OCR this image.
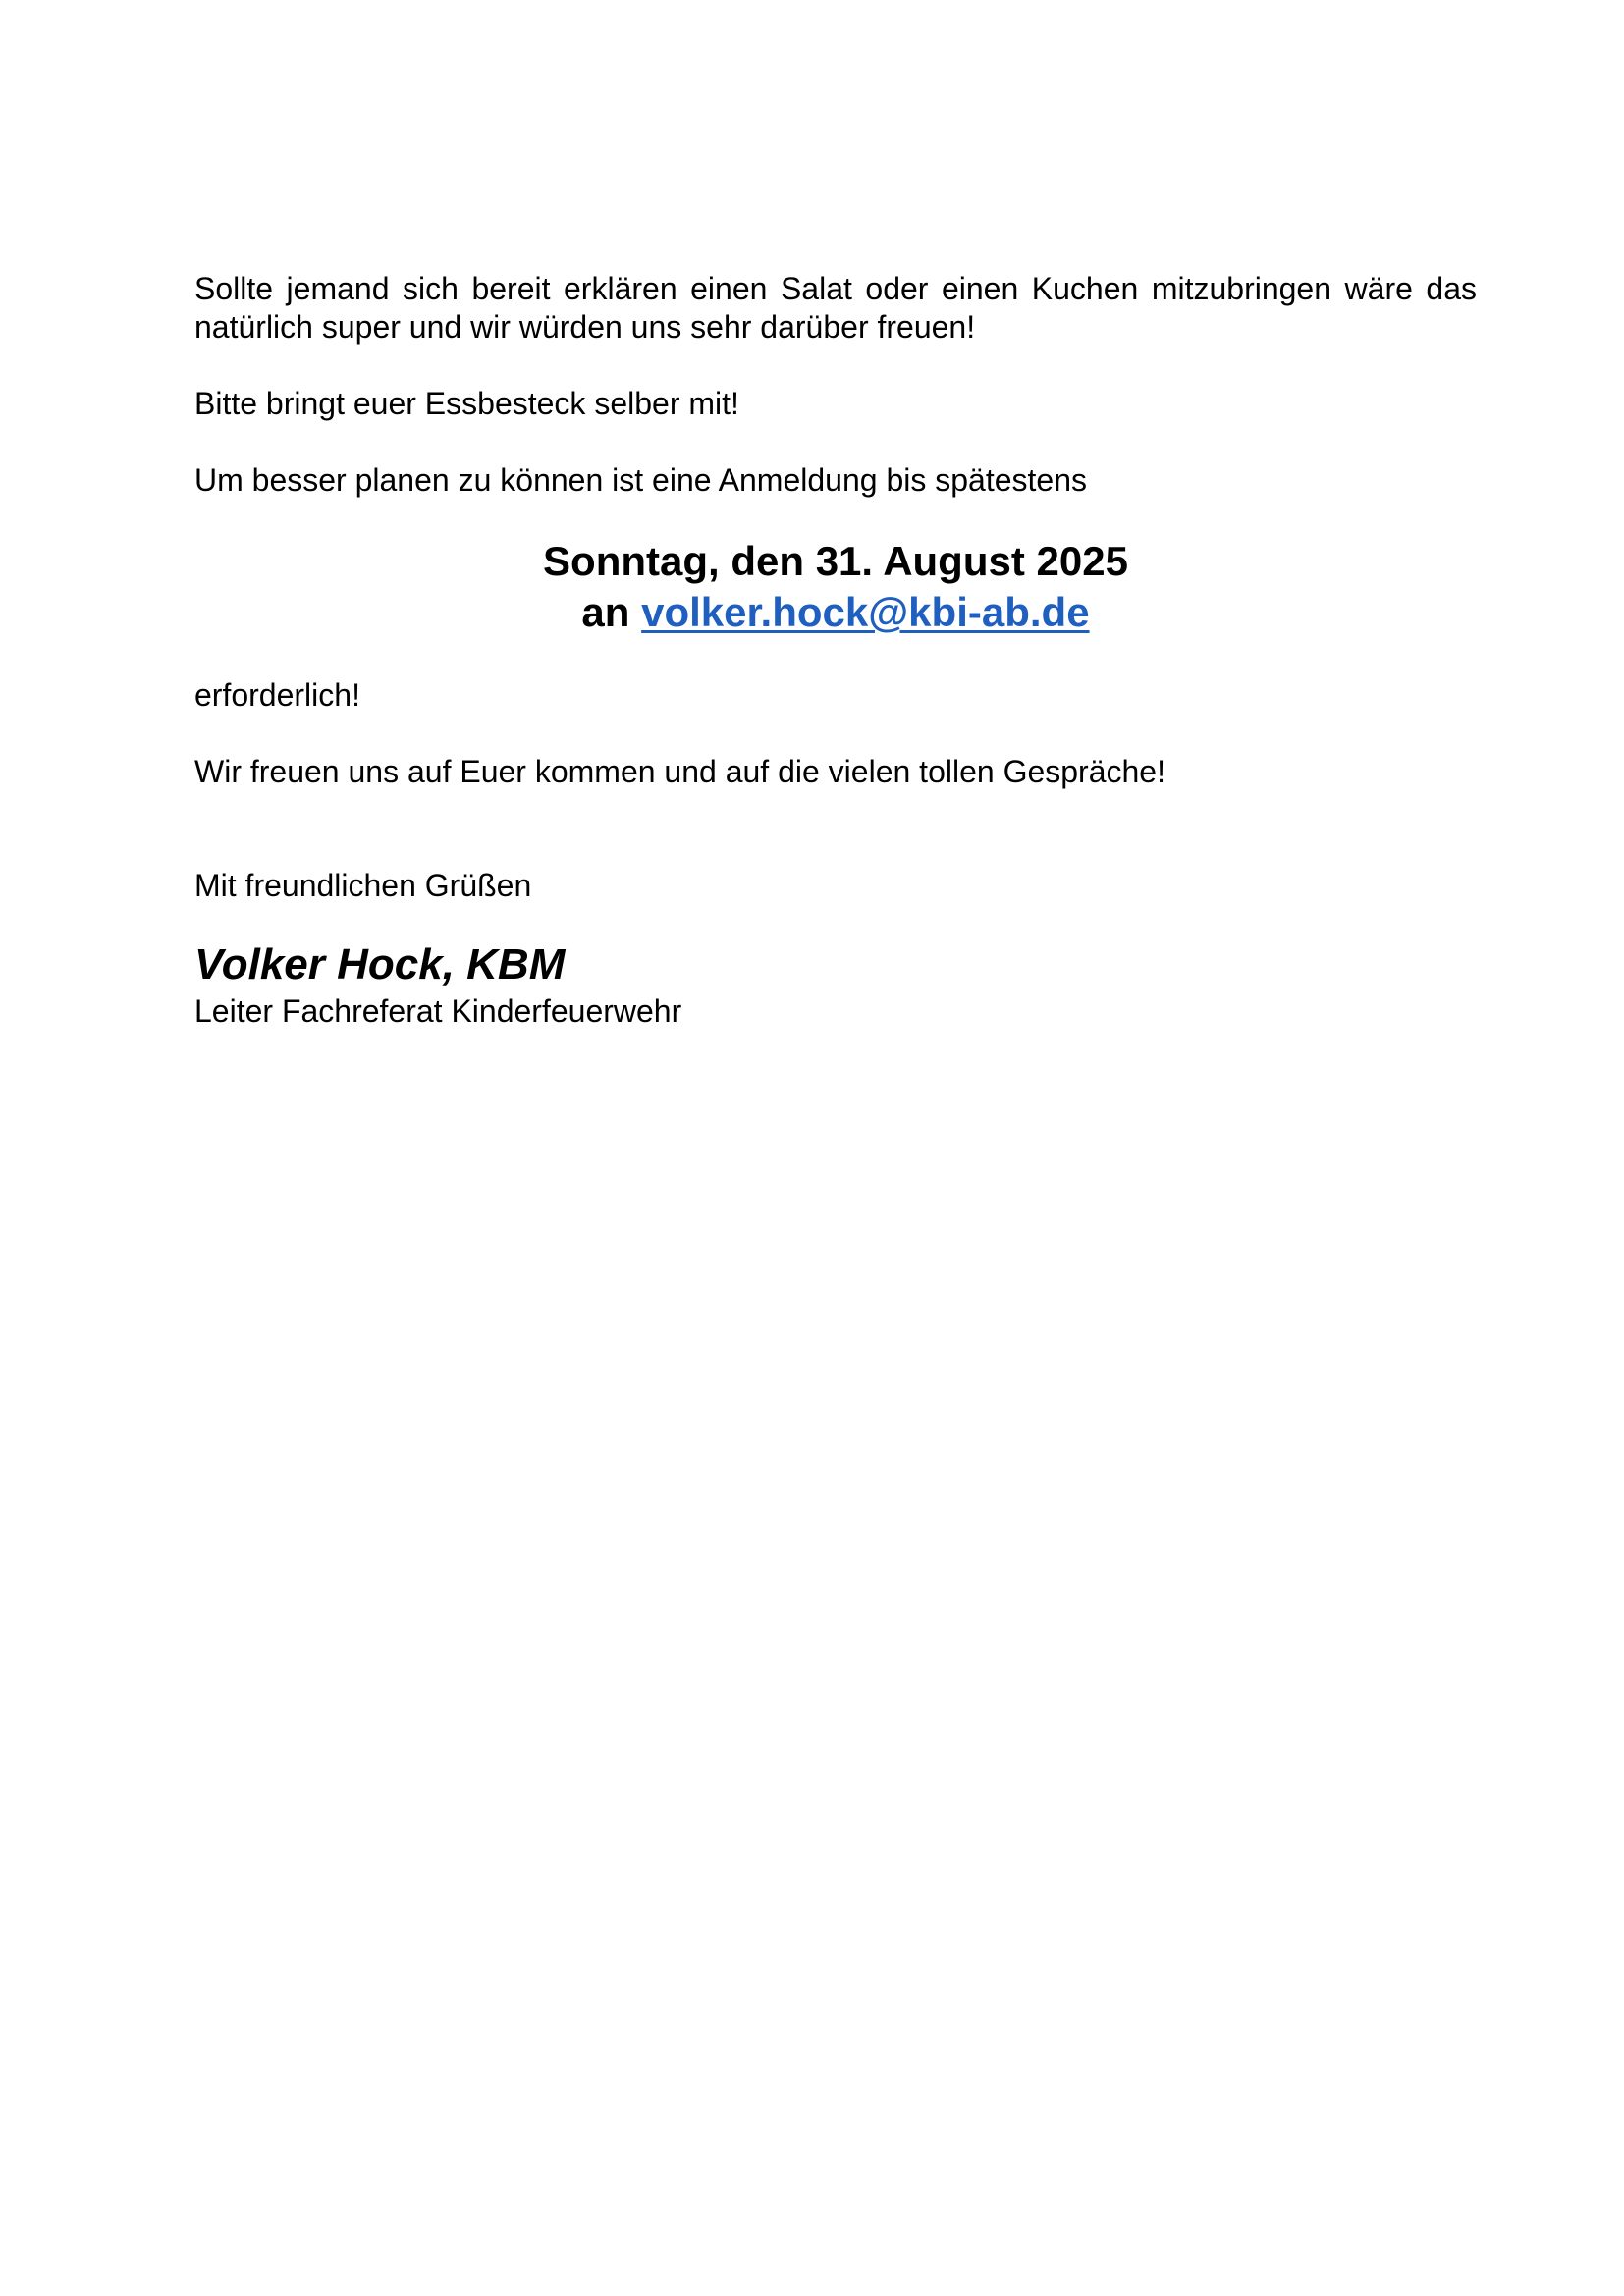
Sollte jemand sich bereit erklären einen Salat oder einen Kuchen mitzubringen wäre das natürlich super und wir würden uns sehr darüber freuen!

Bitte bringt euer Essbesteck selber mit!

Um besser planen zu können ist eine Anmeldung bis spätestens

Sonntag, den 31. August 2025
an volker.hock@kbi-ab.de

erforderlich!

Wir freuen uns auf Euer kommen und auf die vielen tollen Gespräche!

Mit freundlichen Grüßen

Volker Hock, KBM

Leiter Fachreferat Kinderfeuerwehr
